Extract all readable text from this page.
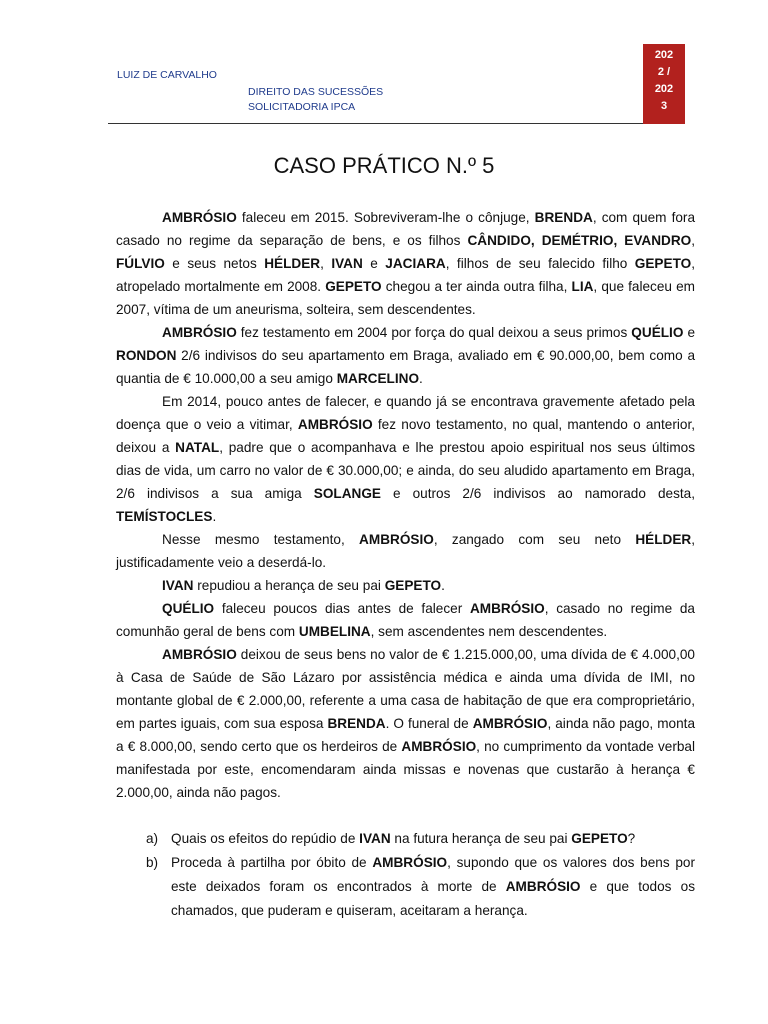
LUIZ DE CARVALHO
DIREITO DAS SUCESSÕES
SOLICITADORIA IPCA
202
2 /
202
3
CASO PRÁTICO N.º 5

AMBRÓSIO faleceu em 2015. Sobreviveram-lhe o cônjuge, BRENDA, com quem fora casado no regime da separação de bens, e os filhos CÂNDIDO, DEMÉTRIO, EVANDRO, FÚLVIO e seus netos HÉLDER, IVAN e JACIARA, filhos de seu falecido filho GEPETO, atropelado mortalmente em 2008. GEPETO chegou a ter ainda outra filha, LIA, que faleceu em 2007, vítima de um aneurisma, solteira, sem descendentes.

AMBRÓSIO fez testamento em 2004 por força do qual deixou a seus primos QUÉLIO e RONDON 2/6 indivisos do seu apartamento em Braga, avaliado em € 90.000,00, bem como a quantia de € 10.000,00 a seu amigo MARCELINO.

Em 2014, pouco antes de falecer, e quando já se encontrava gravemente afetado pela doença que o veio a vitimar, AMBRÓSIO fez novo testamento, no qual, mantendo o anterior, deixou a NATAL, padre que o acompanhava e lhe prestou apoio espiritual nos seus últimos dias de vida, um carro no valor de € 30.000,00; e ainda, do seu aludido apartamento em Braga, 2/6 indivisos a sua amiga SOLANGE e outros 2/6 indivisos ao namorado desta, TEMÍSTOCLES.

Nesse mesmo testamento, AMBRÓSIO, zangado com seu neto HÉLDER, justificadamente veio a deserdá-lo.

IVAN repudiou a herança de seu pai GEPETO.

QUÉLIO faleceu poucos dias antes de falecer AMBRÓSIO, casado no regime da comunhão geral de bens com UMBELINA, sem ascendentes nem descendentes.

AMBRÓSIO deixou de seus bens no valor de € 1.215.000,00, uma dívida de € 4.000,00 à Casa de Saúde de São Lázaro por assistência médica e ainda uma dívida de IMI, no montante global de € 2.000,00, referente a uma casa de habitação de que era comproprietário, em partes iguais, com sua esposa BRENDA. O funeral de AMBRÓSIO, ainda não pago, monta a € 8.000,00, sendo certo que os herdeiros de AMBRÓSIO, no cumprimento da vontade verbal manifestada por este, encomendaram ainda missas e novenas que custarão à herança € 2.000,00, ainda não pagos.

a) Quais os efeitos do repúdio de IVAN na futura herança de seu pai GEPETO?
b) Proceda à partilha por óbito de AMBRÓSIO, supondo que os valores dos bens por este deixados foram os encontrados à morte de AMBRÓSIO e que todos os chamados, que puderam e quiseram, aceitaram a herança.
